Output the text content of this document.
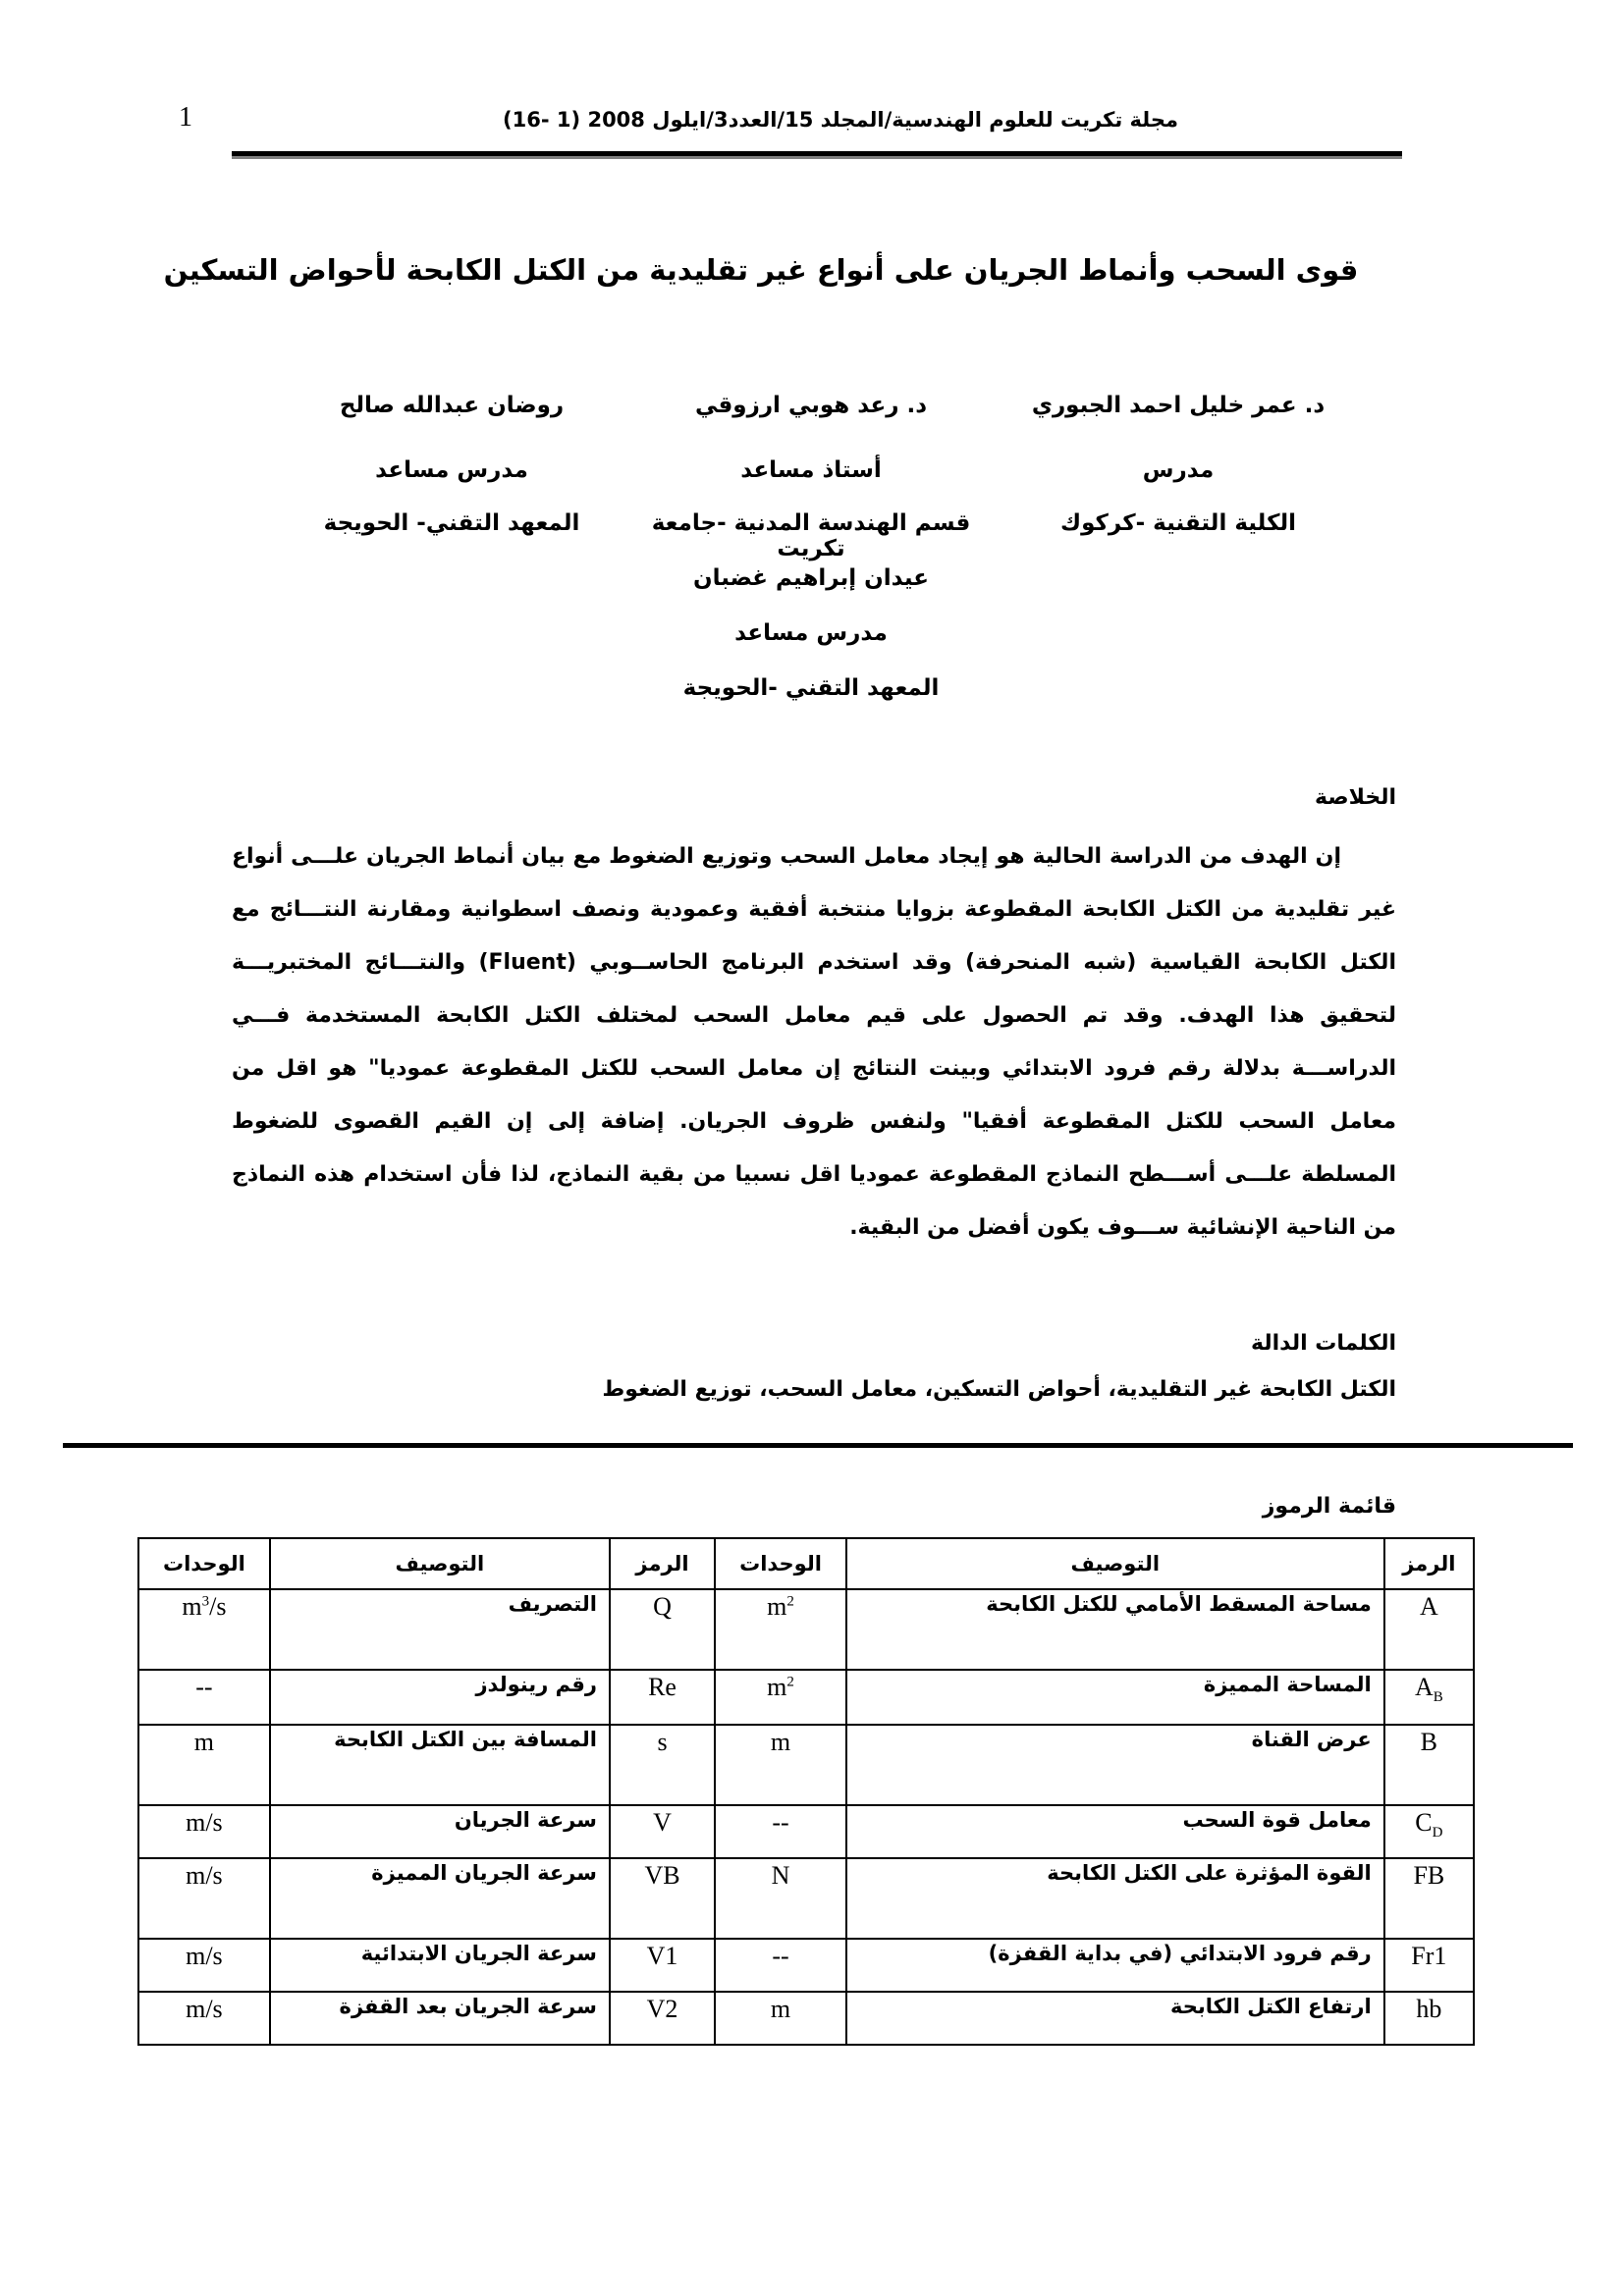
1	مجلة تكريت للعلوم الهندسية/المجلد 15/العدد3/ايلول 2008 (1 -16)
قوى السحب وأنماط الجريان على أنواع غير تقليدية من الكتل الكابحة لأحواض التسكين
د. عمر خليل احمد الجبوري
مدرس
الكلية التقنية -كركوك
د. رعد هوبي ارزوقي
أستاذ مساعد
قسم الهندسة المدنية -جامعة تكريت
روضان عبدالله صالح
مدرس مساعد
المعهد التقني- الحويجة
عيدان إبراهيم غضبان
مدرس مساعد
المعهد التقني -الحويجة
الخلاصة

إن الهدف من الدراسة الحالية هو إيجاد معامل السحب وتوزيع الضغوط مع بيان أنماط الجريان علـــى أنواع غير تقليدية من الكتل الكابحة المقطوعة بزوايا منتخبة أفقية وعمودية ونصف اسطوانية ومقارنة النتـــائج مع الكتل الكابحة القياسية (شبه المنحرفة) وقد استخدم البرنامج الحاســوبي (Fluent) والنتـــائج المختبريـــة لتحقيق هذا الهدف. وقد تم الحصول على قيم معامل السحب لمختلف الكتل الكابحة المستخدمة فـــي الدراســـة بدلالة رقم فرود الابتدائي وبينت النتائج إن معامل السحب للكتل المقطوعة عموديا" هو اقل من معامل السحب للكتل المقطوعة أفقيا" ولنفس ظروف الجريان. إضافة إلى إن القيم القصوى للضغوط المسلطة علـــى أســـطح النماذج المقطوعة عموديا اقل نسبيا من بقية النماذج، لذا فأن استخدام هذه النماذج من الناحية الإنشائية ســـوف يكون أفضل من البقية.

الكلمات الدالة
الكتل الكابحة غير التقليدية، أحواض التسكين، معامل السحب، توزيع الضغوط
قائمة الرموز
الرمز	التوصيف	الوحدات	الرمز	التوصيف	الوحدات
A	مساحة المسقط الأمامي للكتل الكابحة	$m^2$	Q	التصريف	$m^3/s$
$A_B$	المساحة المميزة	$m^2$	Re	رقم رينولدز	--
B	عرض القناة	m	s	المسافة بين الكتل الكابحة	m
$C_D$	معامل قوة السحب	--	V	سرعة الجريان	m/s
FB	القوة المؤثرة على الكتل الكابحة	N	VB	سرعة الجريان المميزة	m/s
Fr1	رقم فرود الابتدائي (في بداية القفزة)	--	V1	سرعة الجريان الابتدائية	m/s
hb	ارتفاع الكتل الكابحة	m	V2	سرعة الجريان بعد القفزة	m/s
